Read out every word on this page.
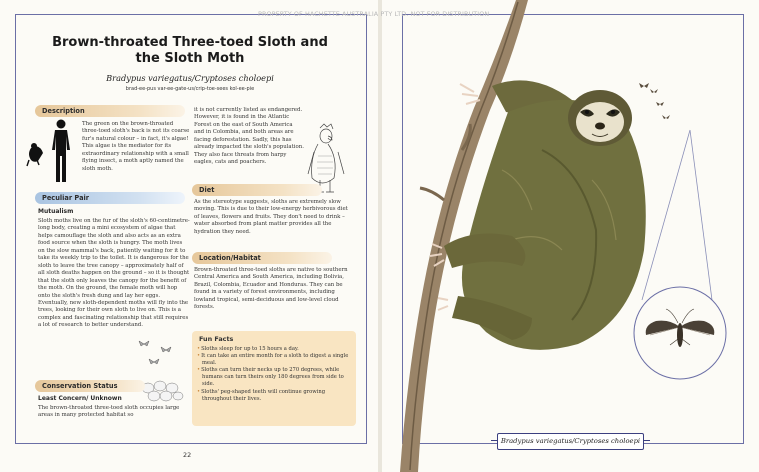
PROPERTY OF HACHETTE AUSTRALIA PTY LTD. NOT FOR DISTRIBUTION
Brown-throated Three-toed Sloth and the Sloth Moth
Bradypus variegatus/Cryptoses choloepi
brad-ee-pus var-ee-gate-us/crip-toe-sees kol-ee-pie
Description
The green on the brown-throated three-toed sloth's back is not its coarse fur's natural colour – in fact, it's algae! This algae is the mediator for its extraordinary relationship with a small flying insect, a moth aptly named the sloth moth.
Peculiar Pair
Mutualism
Sloth moths live on the fur of the sloth's 60-centimetre-long body, creating a mini ecosystem of algae that helps camouflage the sloth and also acts as an extra food source when the sloth is hungry. The moth lives on the slow mammal's back, patiently waiting for it to take its weekly trip to the toilet. It is dangerous for the sloth to leave the tree canopy – approximately half of all sloth deaths happen on the ground – so it is thought that the sloth only leaves the canopy for the benefit of the moth. On the ground, the female moth will hop onto the sloth's fresh dung and lay her eggs. Eventually, new sloth-dependent moths will fly into the trees, looking for their own sloth to live on. This is a complex and fascinating relationship that still requires a lot of research to better understand.
Conservation Status
Least Concern/ Unknown
The brown-throated three-toed sloth occupies large areas in many protected habitat so
it is not currently listed as endangered. However, it is found in the Atlantic Forest on the east of South America and in Colombia, and both areas are facing deforestation. Sadly, this has already impacted the sloth's population. They also face threats from harpy eagles, cats and poachers.
Diet
As the stereotype suggests, sloths are extremely slow moving. This is due to their low-energy herbivorous diet of leaves, flowers and fruits. They don't need to drink – water absorbed from plant matter provides all the hydration they need.
Location/Habitat
Brown-throated three-toed sloths are native to southern Central America and South America, including Bolivia, Brazil, Colombia, Ecuador and Honduras. They can be found in a variety of forest environments, including lowland tropical, semi-deciduous and low-level cloud forests.
Fun Facts
• Sloths sleep for up to 15 hours a day.
• It can take an entire month for a sloth to digest a single meal.
• Sloths can turn their necks up to 270 degrees, while humans can turn theirs only 180 degrees from side to side.
• Sloths' peg-shaped teeth will continue growing throughout their lives.
22
Bradypus variegatus/Cryptoses choloepi
